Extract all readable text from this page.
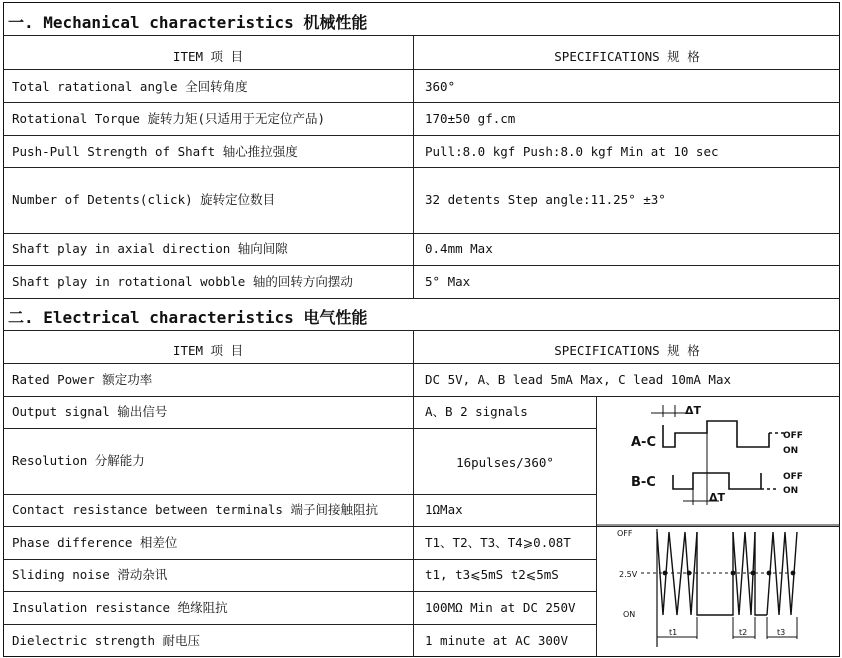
一. Mechanical characteristics 机械性能
ITEM 项 目	SPECIFICATIONS 规 格
Total ratational angle 全回转角度	360°
Rotational Torque 旋转力矩(只适用于无定位产品)	170±50 gf.cm
Push-Pull Strength of Shaft 轴心推拉强度	Pull:8.0 kgf Push:8.0 kgf Min at 10 sec
Number of Detents(click) 旋转定位数目	32 detents Step angle:11.25° ±3°
Shaft play in axial direction 轴向间隙	0.4mm Max
Shaft play in rotational wobble 轴的回转方向摆动	5° Max
二. Electrical characteristics 电气性能
ITEM 项 目	SPECIFICATIONS 规 格
Rated Power 额定功率	DC 5V, A、B lead 5mA Max, C lead 10mA Max
Output signal 输出信号	A、B 2 signals
Resolution 分解能力	16pulses/360°
Contact resistance between terminals 端子间接触阻抗	1ΩMax
Phase difference 相差位	T1、T2、T3、T4⩾0.08T
Sliding noise 滑动杂讯	t1, t3⩽5mS t2⩽5mS
Insulation resistance 绝缘阻抗	100MΩ Min at DC 250V
Dielectric strength 耐电压	1 minute at AC 300V
ΔT
A-C	OFF
ON
B-C	OFF
ON
ΔT
OFF
2.5V
ON
t1	t2	t3
